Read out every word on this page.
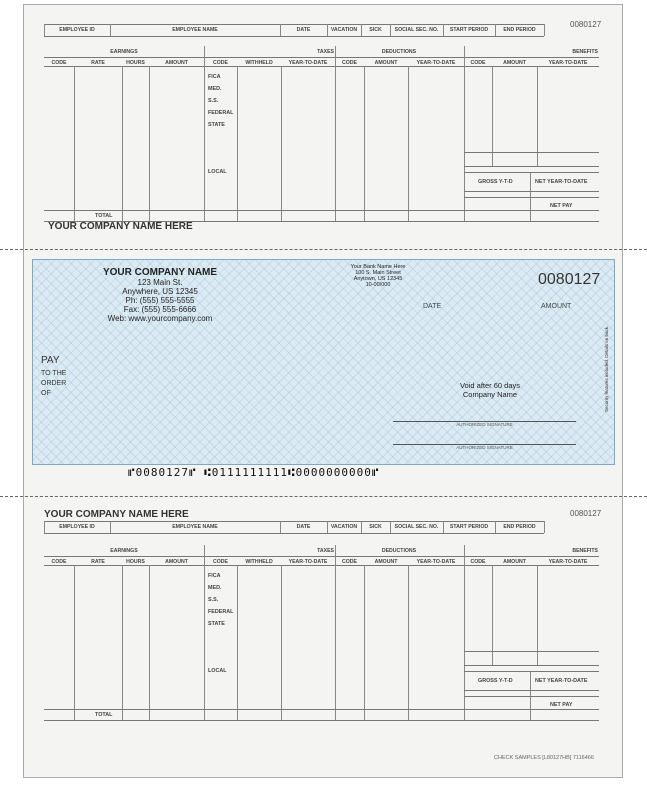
0080127
EMPLOYEE ID	EMPLOYEE NAME	DATE	VACATION	SICK	SOCIAL SEC. NO.	START PERIOD	END PERIOD
EARNINGS	TAXES	DEDUCTIONS	BENEFITS
CODE	RATE	HOURS	AMOUNT	CODE	WITHHELD	YEAR-TO-DATE	CODE	AMOUNT	YEAR-TO-DATE	CODE	AMOUNT	YEAR-TO-DATE
FICA
MED.
S.S.
FEDERAL
STATE
LOCAL
GROSS Y-T-D	NET YEAR-TO-DATE
NET PAY
TOTAL
YOUR COMPANY NAME HERE
YOUR COMPANY NAME
123 Main St.
Anywhere, US 12345
Ph: (555) 555-5555
Fax: (555) 555-6666
Web: www.yourcompany.com
Your Bank Name Here
100 S. Main Street
Anytown, US 12345
10-00/000	0080127
DATE	AMOUNT
PAY
TO THE
ORDER
OF
Void after 60 days
Company Name
AUTHORIZED SIGNATURE
AUTHORIZED SIGNATURE
Security features included. Details on back.
⑈0080127⑈ ⑆0111111111⑆0000000000⑈
0080127
YOUR COMPANY NAME HERE
EMPLOYEE ID	EMPLOYEE NAME	DATE	VACATION	SICK	SOCIAL SEC. NO.	START PERIOD	END PERIOD
EARNINGS	TAXES	DEDUCTIONS	BENEFITS
CODE	RATE	HOURS	AMOUNT	CODE	WITHHELD	YEAR-TO-DATE	CODE	AMOUNT	YEAR-TO-DATE	CODE	AMOUNT	YEAR-TO-DATE
FICA
MED.
S.S.
FEDERAL
STATE
LOCAL
GROSS Y-T-D	NET YEAR-TO-DATE
NET PAY
TOTAL
CHECK SAMPLES [L80127HB] 7116466
